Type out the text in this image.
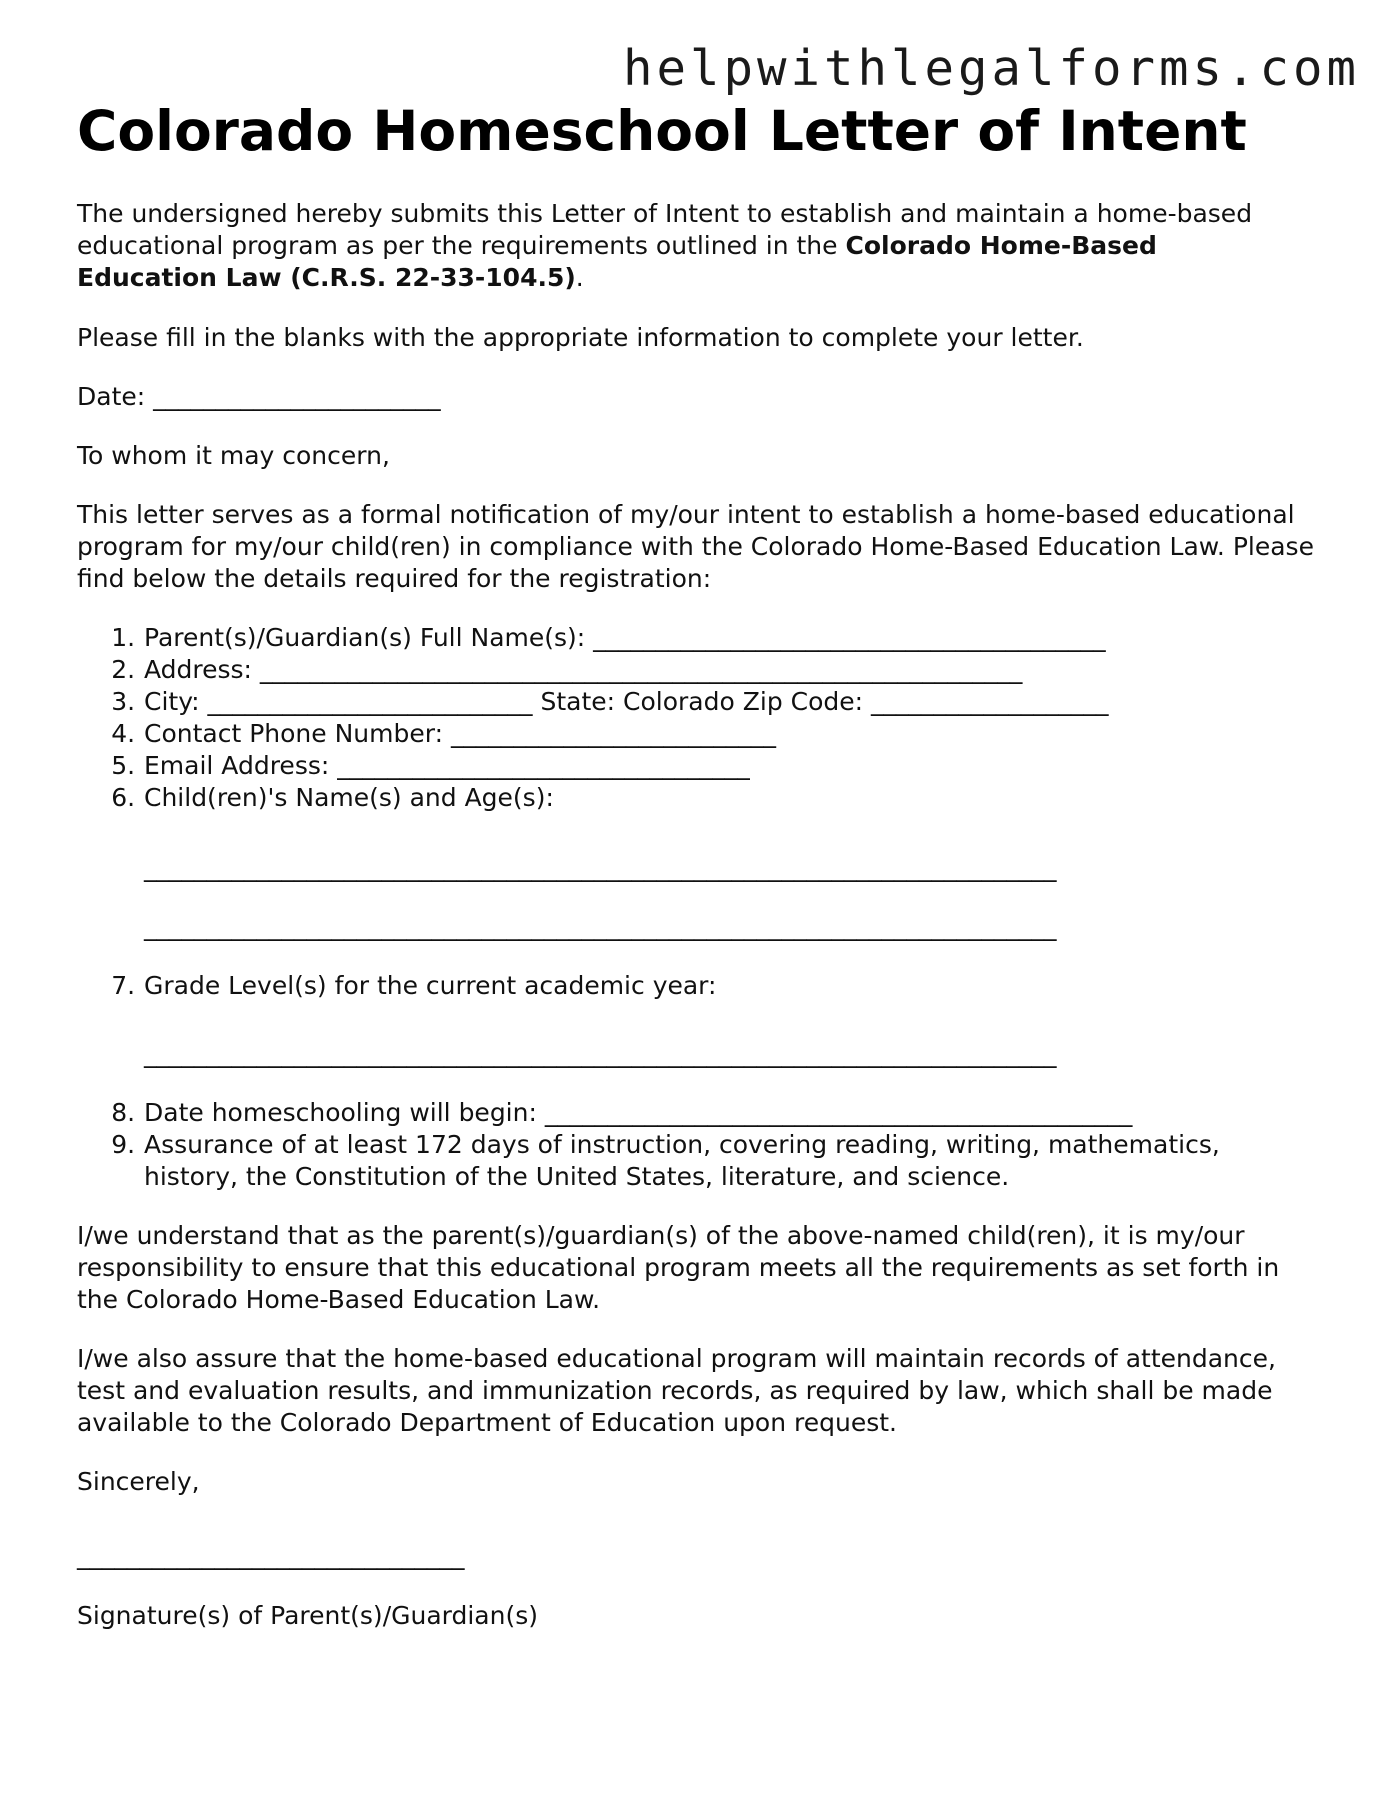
helpwithlegalforms.com
Colorado Homeschool Letter of Intent

The undersigned hereby submits this Letter of Intent to establish and maintain a home-based educational program as per the requirements outlined in the Colorado Home-Based Education Law (C.R.S. 22-33-104.5).

Please fill in the blanks with the appropriate information to complete your letter.

Date: _______________________

To whom it may concern,

This letter serves as a formal notification of my/our intent to establish a home-based educational program for my/our child(ren) in compliance with the Colorado Home-Based Education Law. Please find below the details required for the registration:

1. Parent(s)/Guardian(s) Full Name(s): _________________________________________
2. Address: _____________________________________________________________
3. City: __________________________ State: Colorado Zip Code: ___________________
4. Contact Phone Number: __________________________
5. Email Address: _________________________________
6. Child(ren)'s Name(s) and Age(s):
_________________________________________________________________________
_________________________________________________________________________
7. Grade Level(s) for the current academic year:
_________________________________________________________________________
8. Date homeschooling will begin: _______________________________________________
9. Assurance of at least 172 days of instruction, covering reading, writing, mathematics, history, the Constitution of the United States, literature, and science.

I/we understand that as the parent(s)/guardian(s) of the above-named child(ren), it is my/our responsibility to ensure that this educational program meets all the requirements as set forth in the Colorado Home-Based Education Law.

I/we also assure that the home-based educational program will maintain records of attendance, test and evaluation results, and immunization records, as required by law, which shall be made available to the Colorado Department of Education upon request.

Sincerely,

_______________________________

Signature(s) of Parent(s)/Guardian(s)
